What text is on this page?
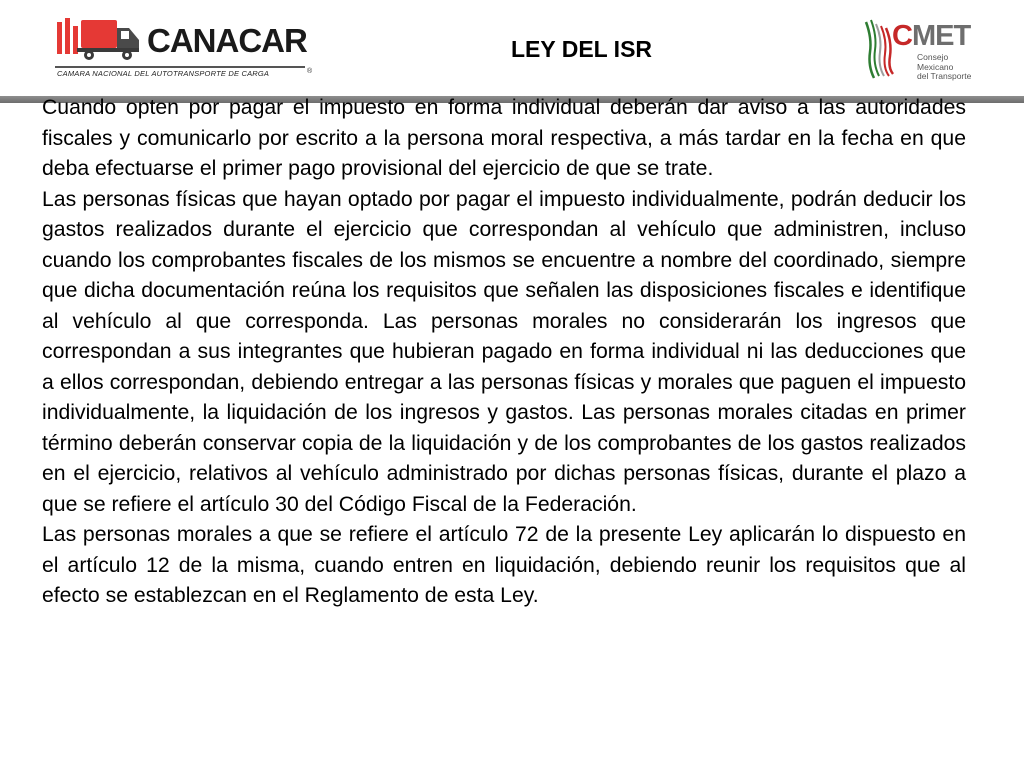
CANACAR
CAMARA NACIONAL DEL AUTOTRANSPORTE DE CARGA	®
LEY DEL ISR	CMET
Consejo
Mexicano
del Transporte

Cuando opten por pagar el impuesto en forma individual deberán dar aviso a las autoridades fiscales y comunicarlo por escrito a la persona moral respectiva, a más tardar en la fecha en que deba efectuarse el primer pago provisional del ejercicio de que se trate.

Las personas físicas que hayan optado por pagar el impuesto individualmente, podrán deducir los gastos realizados durante el ejercicio que correspondan al vehículo que administren, incluso cuando los comprobantes fiscales de los mismos se encuentre a nombre del coordinado, siempre que dicha documentación reúna los requisitos que señalen las disposiciones fiscales e identifique al vehículo al que corresponda. Las personas morales no considerarán los ingresos que correspondan a sus integrantes que hubieran pagado en forma individual ni las deducciones que a ellos correspondan, debiendo entregar a las personas físicas y morales que paguen el impuesto individualmente, la liquidación de los ingresos y gastos. Las personas morales citadas en primer término deberán conservar copia de la liquidación y de los comprobantes de los gastos realizados en el ejercicio, relativos al vehículo administrado por dichas personas físicas, durante el plazo a que se refiere el artículo 30 del Código Fiscal de la Federación.

Las personas morales a que se refiere el artículo 72 de la presente Ley aplicarán lo dispuesto en el artículo 12 de la misma, cuando entren en liquidación, debiendo reunir los requisitos que al efecto se establezcan en el Reglamento de esta Ley.
